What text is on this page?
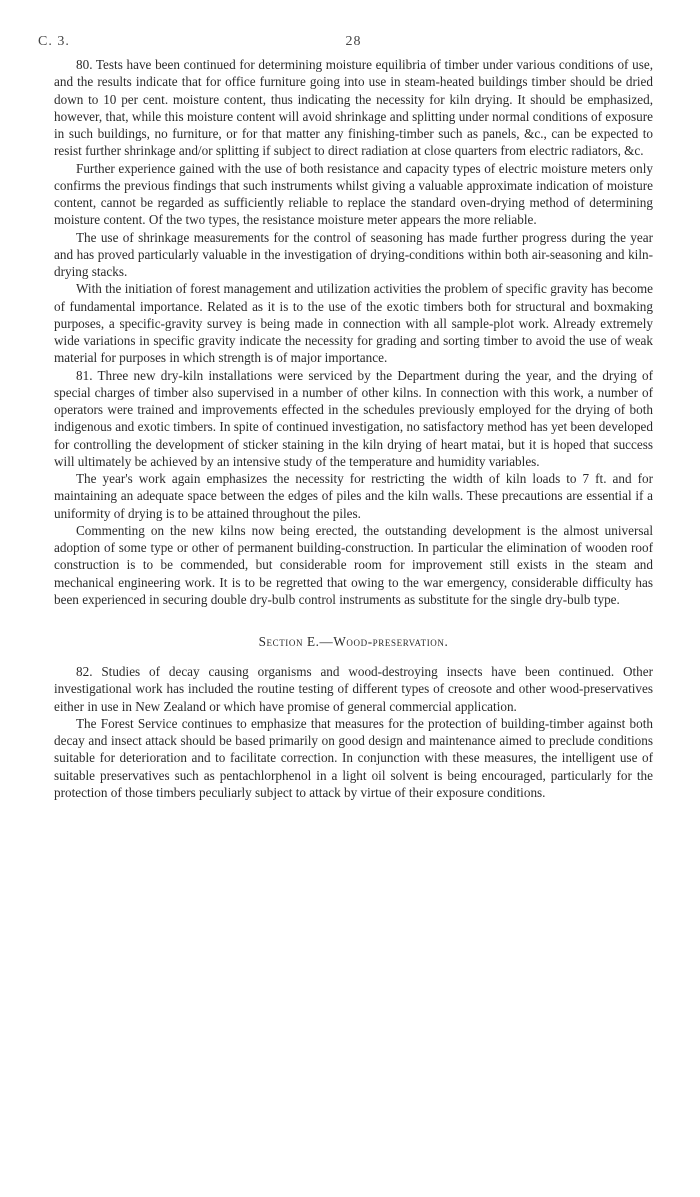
C. 3.	28

80. Tests have been continued for determining moisture equilibria of timber under various conditions of use, and the results indicate that for office furniture going into use in steam-heated buildings timber should be dried down to 10 per cent. moisture content, thus indicating the necessity for kiln drying. It should be emphasized, however, that, while this moisture content will avoid shrinkage and splitting under normal conditions of exposure in such buildings, no furniture, or for that matter any finishing-timber such as panels, &c., can be expected to resist further shrinkage and/or splitting if subject to direct radiation at close quarters from electric radiators, &c.

Further experience gained with the use of both resistance and capacity types of electric moisture meters only confirms the previous findings that such instruments whilst giving a valuable approximate indication of moisture content, cannot be regarded as sufficiently reliable to replace the standard oven-drying method of determining moisture content. Of the two types, the resistance moisture meter appears the more reliable.

The use of shrinkage measurements for the control of seasoning has made further progress during the year and has proved particularly valuable in the investigation of drying-conditions within both air-seasoning and kiln-drying stacks.

With the initiation of forest management and utilization activities the problem of specific gravity has become of fundamental importance. Related as it is to the use of the exotic timbers both for structural and boxmaking purposes, a specific-gravity survey is being made in connection with all sample-plot work. Already extremely wide variations in specific gravity indicate the necessity for grading and sorting timber to avoid the use of weak material for purposes in which strength is of major importance.

81. Three new dry-kiln installations were serviced by the Department during the year, and the drying of special charges of timber also supervised in a number of other kilns. In connection with this work, a number of operators were trained and improvements effected in the schedules previously employed for the drying of both indigenous and exotic timbers. In spite of continued investigation, no satisfactory method has yet been developed for controlling the development of sticker staining in the kiln drying of heart matai, but it is hoped that success will ultimately be achieved by an intensive study of the temperature and humidity variables.

The year's work again emphasizes the necessity for restricting the width of kiln loads to 7 ft. and for maintaining an adequate space between the edges of piles and the kiln walls. These precautions are essential if a uniformity of drying is to be attained throughout the piles.

Commenting on the new kilns now being erected, the outstanding development is the almost universal adoption of some type or other of permanent building-construction. In particular the elimination of wooden roof construction is to be commended, but considerable room for improvement still exists in the steam and mechanical engineering work. It is to be regretted that owing to the war emergency, considerable difficulty has been experienced in securing double dry-bulb control instruments as substitute for the single dry-bulb type.

Section E.—Wood-preservation.

82. Studies of decay causing organisms and wood-destroying insects have been continued. Other investigational work has included the routine testing of different types of creosote and other wood-preservatives either in use in New Zealand or which have promise of general commercial application.

The Forest Service continues to emphasize that measures for the protection of building-timber against both decay and insect attack should be based primarily on good design and maintenance aimed to preclude conditions suitable for deterioration and to facilitate correction. In conjunction with these measures, the intelligent use of suitable preservatives such as pentachlorphenol in a light oil solvent is being encouraged, particularly for the protection of those timbers peculiarly subject to attack by virtue of their exposure conditions.
